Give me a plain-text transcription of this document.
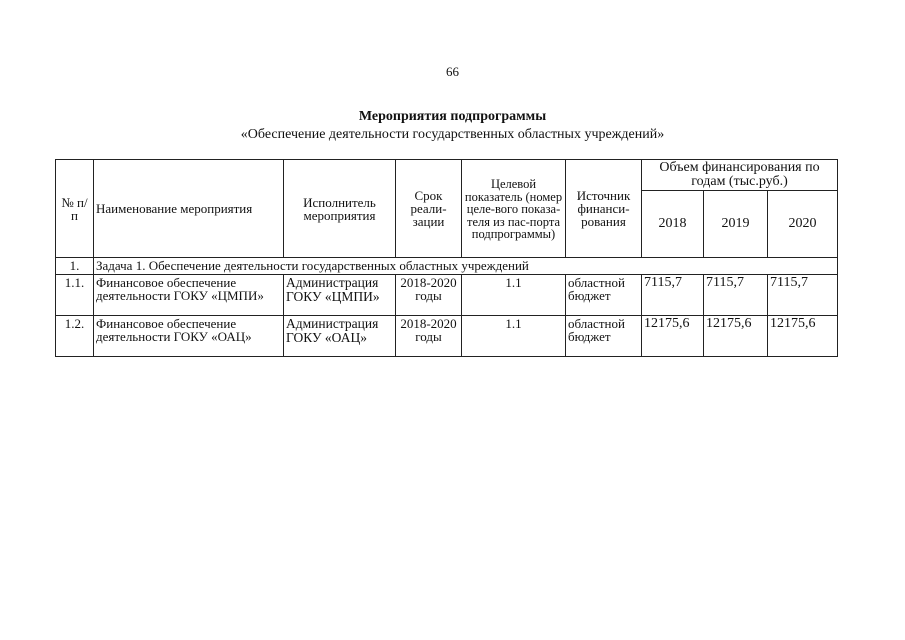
66
Мероприятия подпрограммы
«Обеспечение деятельности государственных областных учреждений»
№ п/п	Наименование мероприятия	Исполнитель мероприятия	Срок реали-зации	Целевой показатель (номер целе-вого показа-теля из пас-порта подпрограммы)	Источник финанси-рования	Объем финансирования по годам (тыс.руб.)		
						2018	2019	2020
1.	Задача 1. Обеспечение деятельности государственных областных учреждений							
1.1.	Финансовое обеспечение деятельности ГОКУ «ЦМПИ»	Администрация ГОКУ «ЦМПИ»	2018-2020 годы	1.1	областной бюджет	7115,7	7115,7	7115,7
1.2.	Финансовое обеспечение деятельности ГОКУ «ОАЦ»	Администрация ГОКУ «ОАЦ»	2018-2020 годы	1.1	областной бюджет	12175,6	12175,6	12175,6
